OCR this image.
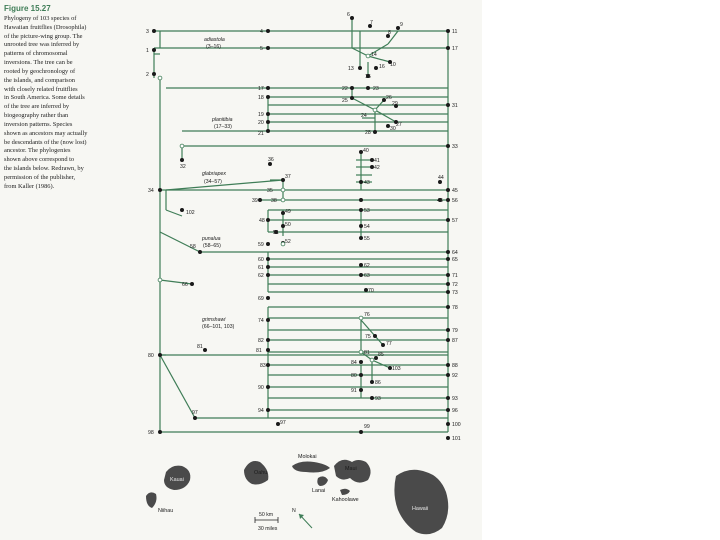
Figure 15.27

Phylogeny of 103 species of
Hawaiian fruitflies (Drosophila)
of the picture-wing group. The
unrooted tree was inferred by
patterns of chromosomal
inversions. The tree can be
rooted by geochronology of
the islands, and comparison
with closely related fruitflies
in South America. Some details
of the tree are inferred by
biogeography rather than
inversion patterns. Species
shown as ancestors may actually
be descendants of the (now lost)
ancestor. The phylogenies
shown above correspond to
the islands below. Redrawn, by
permission of the publisher,
from Kaller (1986).

1
2
3	4
5
6
7
8
9
10
11
13
14
15
16
17
18
19
20
21
22	23
24
25	26
27
28
29
30
31
32
33
34	35
36
37
38
39
40
41
42
43
44
45
46
48
49
50
51
52
53
54
55
56
57
58	59
60
61
62
62
63
64
65
66
71
72
73
69
70
74
76
75
77
78
79
87
81
81
81
82
83	84
85
80
86
103	88
92
90	91
93	93
94	96
97
97
99	100
101
98
80
102
17
adiastola
(3–16)
planitibia
(17–33)
glabriapex
(34–57)
punalua
(58–65)
grimshawi
(66–101, 103)
Kauai
Niihau
Oahu
Molokai
Maui
Lanai
Kahoolawe
Hawaii
50 km
30 miles
N
